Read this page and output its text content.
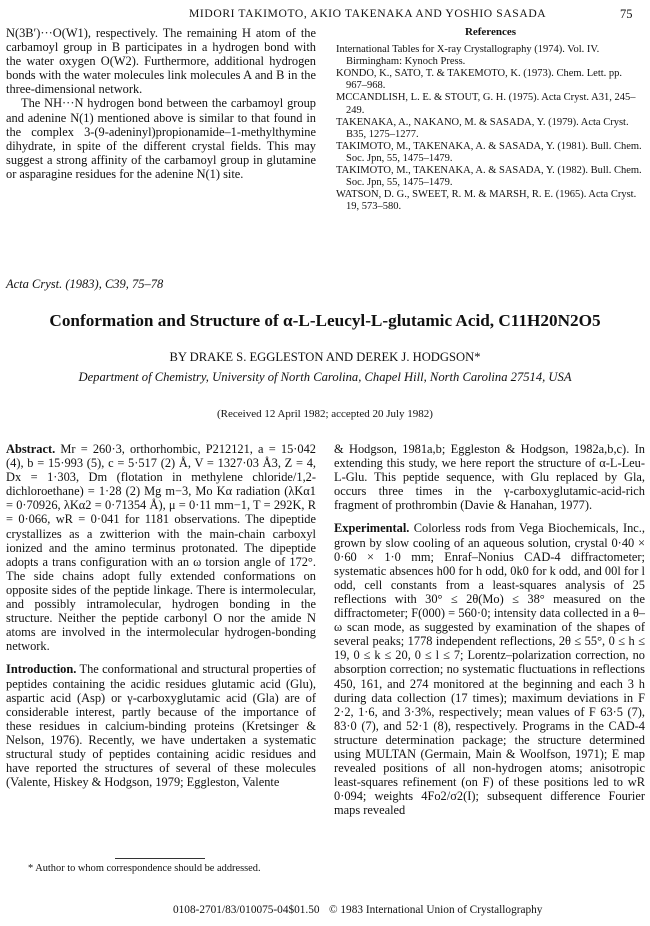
MIDORI TAKIMOTO, AKIO TAKENAKA AND YOSHIO SASADA	75

N(3B′)···O(W1), respectively. The remaining H atom of the carbamoyl group in B participates in a hydrogen bond with the water oxygen O(W2). Furthermore, additional hydrogen bonds with the water molecules link molecules A and B in the three-dimensional network.

The NH···N hydrogen bond between the carbamoyl group and adenine N(1) mentioned above is similar to that found in the complex 3-(9-adeninyl)propionamide–1-methylthymine dihydrate, in spite of the different crystal fields. This may suggest a strong affinity of the carbamoyl group in glutamine or asparagine residues for the adenine N(1) site.

References

International Tables for X-ray Crystallography (1974). Vol. IV. Birmingham: Kynoch Press.

KONDO, K., SATO, T. & TAKEMOTO, K. (1973). Chem. Lett. pp. 967–968.

MCCANDLISH, L. E. & STOUT, G. H. (1975). Acta Cryst. A31, 245–249.

TAKENAKA, A., NAKANO, M. & SASADA, Y. (1979). Acta Cryst. B35, 1275–1277.

TAKIMOTO, M., TAKENAKA, A. & SASADA, Y. (1981). Bull. Chem. Soc. Jpn, 55, 1475–1479.

TAKIMOTO, M., TAKENAKA, A. & SASADA, Y. (1982). Bull. Chem. Soc. Jpn, 55, 1475–1479.

WATSON, D. G., SWEET, R. M. & MARSH, R. E. (1965). Acta Cryst. 19, 573–580.

Acta Cryst. (1983), C39, 75–78
Conformation and Structure of α-L-Leucyl-L-glutamic Acid, C11H20N2O5
BY DRAKE S. EGGLESTON AND DEREK J. HODGSON*
Department of Chemistry, University of North Carolina, Chapel Hill, North Carolina 27514, USA
(Received 12 April 1982; accepted 20 July 1982)

Abstract. Mr = 260·3, orthorhombic, P212121, a = 15·042 (4), b = 15·993 (5), c = 5·517 (2) Å, V = 1327·03 Å3, Z = 4, Dx = 1·303, Dm (flotation in methylene chloride/1,2-dichloroethane) = 1·28 (2) Mg m−3, Mo Kα radiation (λKα1 = 0·70926, λKα2 = 0·71354 Å), μ = 0·11 mm−1, T = 292K, R = 0·066, wR = 0·041 for 1181 observations. The dipeptide crystallizes as a zwitterion with the main-chain carboxyl ionized and the amino terminus protonated. The dipeptide adopts a trans configuration with an ω torsion angle of 172°. The side chains adopt fully extended conformations on opposite sides of the peptide linkage. There is intermolecular, and possibly intramolecular, hydrogen bonding in the structure. Neither the peptide carbonyl O nor the amide N atoms are involved in the intermolecular hydrogen-bonding network.

Introduction. The conformational and structural properties of peptides containing the acidic residues glutamic acid (Glu), aspartic acid (Asp) or γ-carboxyglutamic acid (Gla) are of considerable interest, partly because of the importance of these residues in calcium-binding proteins (Kretsinger & Nelson, 1976). Recently, we have undertaken a systematic structural study of peptides containing acidic residues and have reported the structures of several of these molecules (Valente, Hiskey & Hodgson, 1979; Eggleston, Valente

* Author to whom correspondence should be addressed.

& Hodgson, 1981a,b; Eggleston & Hodgson, 1982a,b,c). In extending this study, we here report the structure of α-L-Leu-L-Glu. This peptide sequence, with Glu replaced by Gla, occurs three times in the γ-carboxyglutamic-acid-rich fragment of prothrombin (Davie & Hanahan, 1977).

Experimental. Colorless rods from Vega Biochemicals, Inc., grown by slow cooling of an aqueous solution, crystal 0·40 × 0·60 × 1·0 mm; Enraf–Nonius CAD-4 diffractometer; systematic absences h00 for h odd, 0k0 for k odd, and 00l for l odd, cell constants from a least-squares analysis of 25 reflections with 30° ≤ 2θ(Mo) ≤ 38° measured on the diffractometer; F(000) = 560·0; intensity data collected in a θ–ω scan mode, as suggested by examination of the shapes of several peaks; 1778 independent reflections, 2θ ≤ 55°, 0 ≤ h ≤ 19, 0 ≤ k ≤ 20, 0 ≤ l ≤ 7; Lorentz–polarization correction, no absorption correction; no systematic fluctuations in reflections 450, 161, and 274 monitored at the beginning and each 3 h during data collection (17 times); maximum deviations in F 2·2, 1·6, and 3·3%, respectively; mean values of F 63·5 (7), 83·0 (7), and 52·1 (8), respectively. Programs in the CAD-4 structure determination package; the structure determined using MULTAN (Germain, Main & Woolfson, 1971); E map revealed positions of all non-hydrogen atoms; anisotropic least-squares refinement (on F) of these positions led to wR 0·094; weights 4Fo2/σ2(I); subsequent difference Fourier maps revealed

0108-2701/83/010075-04$01.50 © 1983 International Union of Crystallography
